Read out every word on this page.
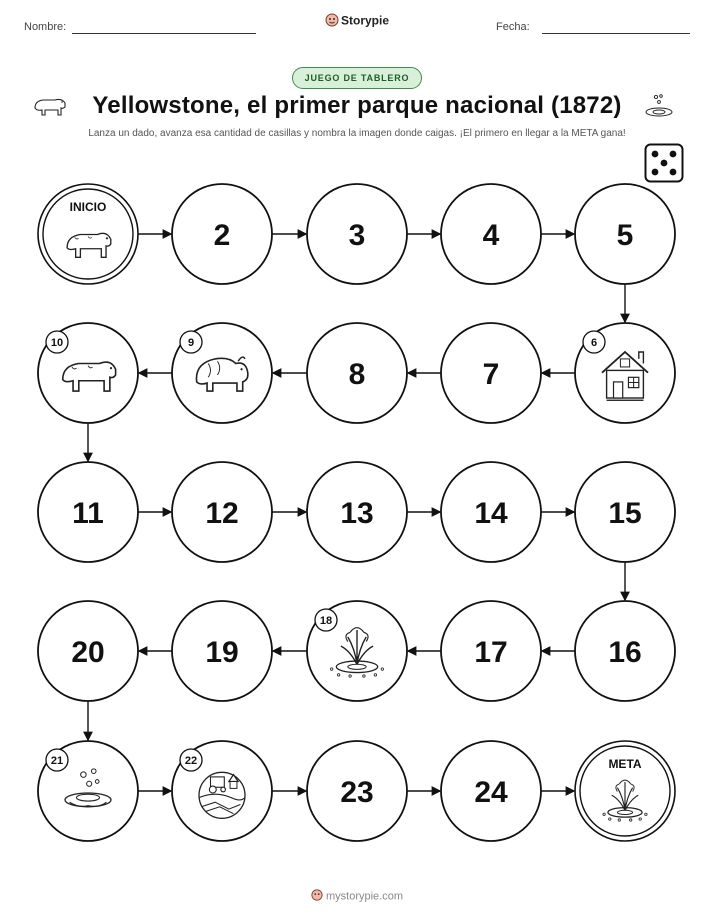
Nombre:	Fecha:
Storypie
JUEGO DE TABLERO
Yellowstone, el primer parque nacional (1872)
Lanza un dado, avanza esa cantidad de casillas y nombra la imagen donde caigas. ¡El primero en llegar a la META gana!
INICIO
2	3	4	5
6
7
8
9
10
11	12	13	14	15
16
17
18
19
20
21	22
23	24
META
mystorypie.com
